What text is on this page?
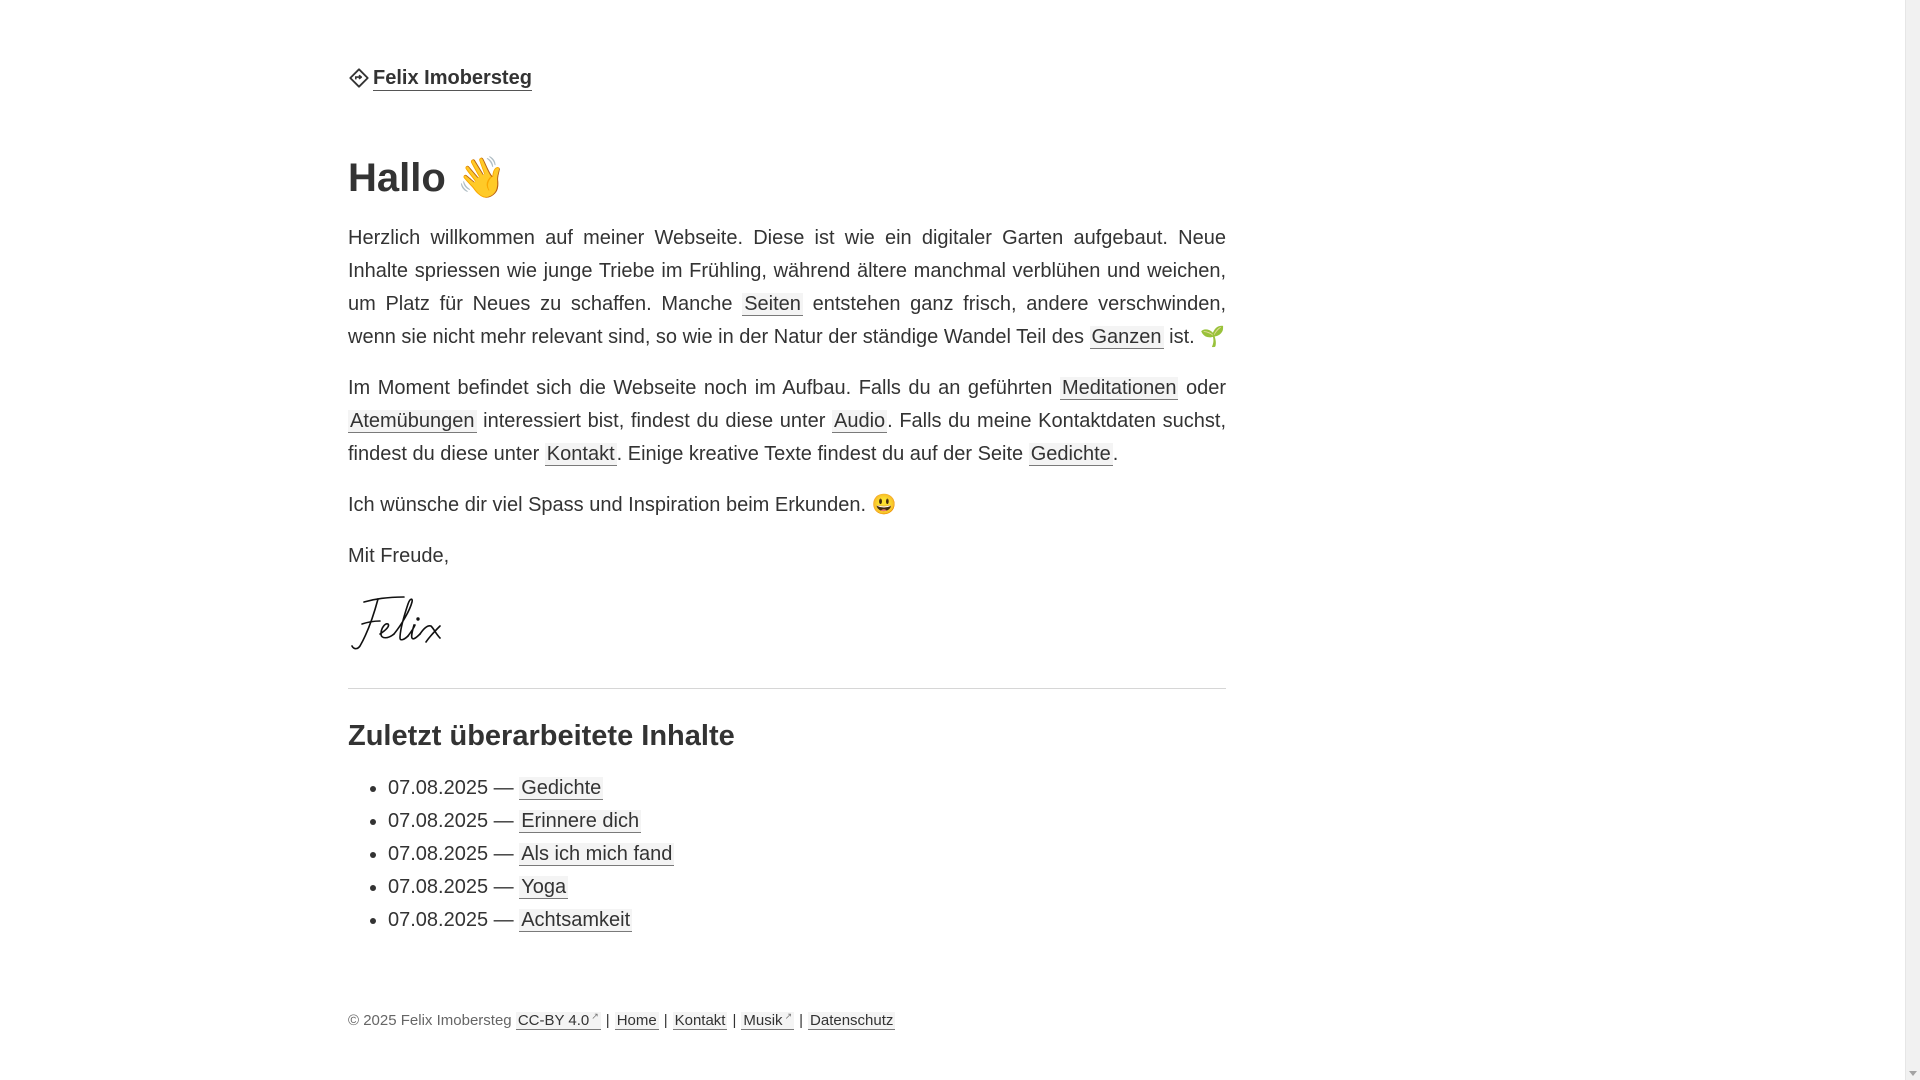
Felix Imobersteg
Hallo 👋

Herzlich willkommen auf meiner Webseite. Diese ist wie ein digitaler Garten aufgebaut. Neue Inhalte spriessen wie junge Triebe im Frühling, während ältere manchmal verblühen und weichen, um Platz für Neues zu schaffen. Manche Seiten entstehen ganz frisch, andere verschwinden, wenn sie nicht mehr relevant sind, so wie in der Natur der ständige Wandel Teil des Ganzen ist. 🌱

Im Moment befindet sich die Webseite noch im Aufbau. Falls du an geführten Meditationen oder Atemübungen interessiert bist, findest du diese unter Audio . Falls du meine Kontaktdaten suchst, findest du diese unter Kontakt . Einige kreative Texte findest du auf der Seite Gedichte .

Ich wünsche dir viel Spass und Inspiration beim Erkunden. 😃

Mit Freude,

Zuletzt überarbeitete Inhalte
• 07.08.2025 — Gedichte
• 07.08.2025 — Erinnere dich
• 07.08.2025 — Als ich mich fand
• 07.08.2025 — Yoga
• 07.08.2025 — Achtsamkeit
© 2025 Felix Imobersteg CC-BY 4.0 ↗ | Home | Kontakt | Musik ↗ | Datenschutz
